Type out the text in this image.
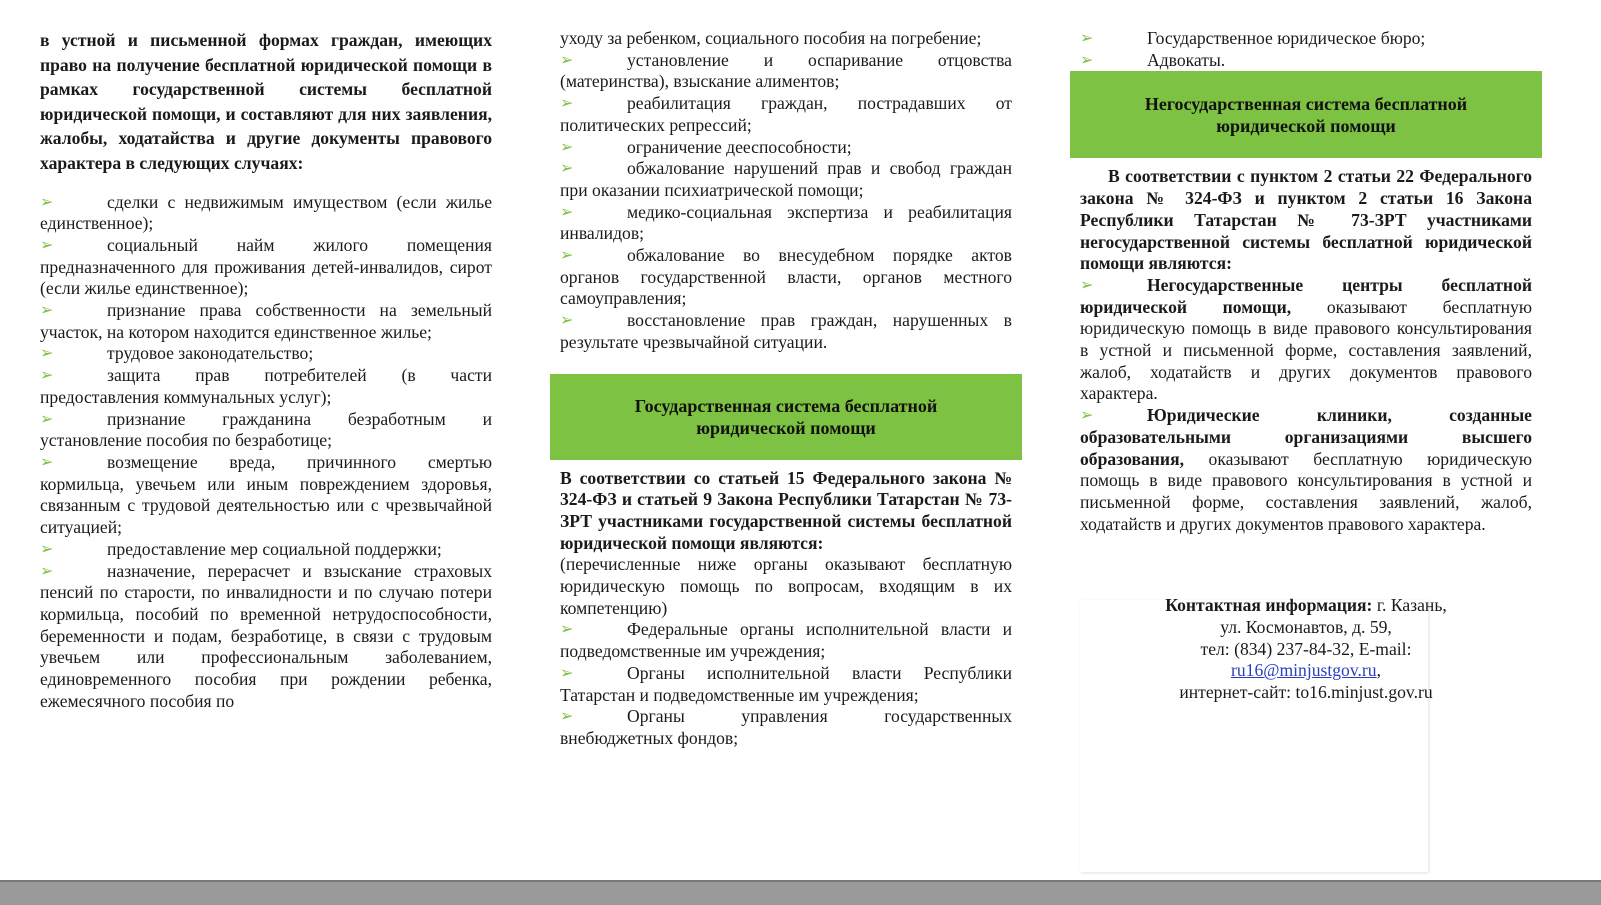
в устной и письменной формах граждан, имеющих право на получение бесплатной юридической помощи в рамках государственной системы бесплатной юридической помощи, и составляют для них заявления, жалобы, ходатайства и другие документы правового характера в следующих случаях:
➢	сделки с недвижимым имуществом (если жилье единственное);
➢	социальный найм жилого помещения предназначенного для проживания детей-инвалидов, сирот (если жилье единственное);
➢	признание права собственности на земельный участок, на котором находится единственное жилье;
➢	трудовое законодательство;
➢	защита прав потребителей (в части предоставления коммунальных услуг);
➢	признание гражданина безработным и установление пособия по безработице;
➢	возмещение вреда, причинного смертью кормильца, увечьем или иным повреждением здоровья, связанным с трудовой деятельностью или с чрезвычайной ситуацией;
➢	предоставление мер социальной поддержки;
➢	назначение, перерасчет и взыскание страховых пенсий по старости, по инвалидности и по случаю потери кормильца, пособий по временной нетрудоспособности, беременности и подам, безработице, в связи с трудовым увечьем или профессиональным заболеванием, единовременного пособия при рождении ребенка, ежемесячного пособия по
уходу за ребенком, социального пособия на погребение;
➢	установление и оспаривание отцовства (материнства), взыскание алиментов;
➢	реабилитация граждан, пострадавших от политических репрессий;
➢	ограничение дееспособности;
➢	обжалование нарушений прав и свобод граждан при оказании психиатрической помощи;
➢	медико-социальная экспертиза и реабилитация инвалидов;
➢	обжалование во внесудебном порядке актов органов государственной власти, органов местного самоуправления;
➢	восстановление прав граждан, нарушенных в результате чрезвычайной ситуации.
Государственная система бесплатной юридической помощи
В соответствии со статьей 15 Федерального закона № 324-ФЗ и статьей 9 Закона Республики Татарстан № 73-ЗРТ участниками государственной системы бесплатной юридической помощи являются:
(перечисленные ниже органы оказывают бесплатную юридическую помощь по вопросам, входящим в их компетенцию)
➢	Федеральные органы исполнительной власти и подведомственные им учреждения;
➢	Органы исполнительной власти Республики Татарстан и подведомственные им учреждения;
➢	Органы управления государственных внебюджетных фондов;
➢	Государственное юридическое бюро;
➢	Адвокаты.
Негосударственная система бесплатной юридической помощи
В соответствии с пунктом 2 статьи 22 Федерального закона № 324-ФЗ и пунктом 2 статьи 16 Закона Республики Татарстан № 73-ЗРТ участниками негосударственной системы бесплатной юридической помощи являются:
➢	Негосударственные центры бесплатной юридической помощи, оказывают бесплатную юридическую помощь в виде правового консультирования в устной и письменной форме, составления заявлений, жалоб, ходатайств и других документов правового характера.
➢	Юридические клиники, созданные образовательными организациями высшего образования, оказывают бесплатную юридическую помощь в виде правового консультирования в устной и письменной форме, составления заявлений, жалоб, ходатайств и других документов правового характера.
Контактная информация: г. Казань,
ул. Космонавтов, д. 59,
тел: (834) 237-84-32, E-mail:
ru16@minjustgov.ru,
интернет-сайт: to16.minjust.gov.ru
